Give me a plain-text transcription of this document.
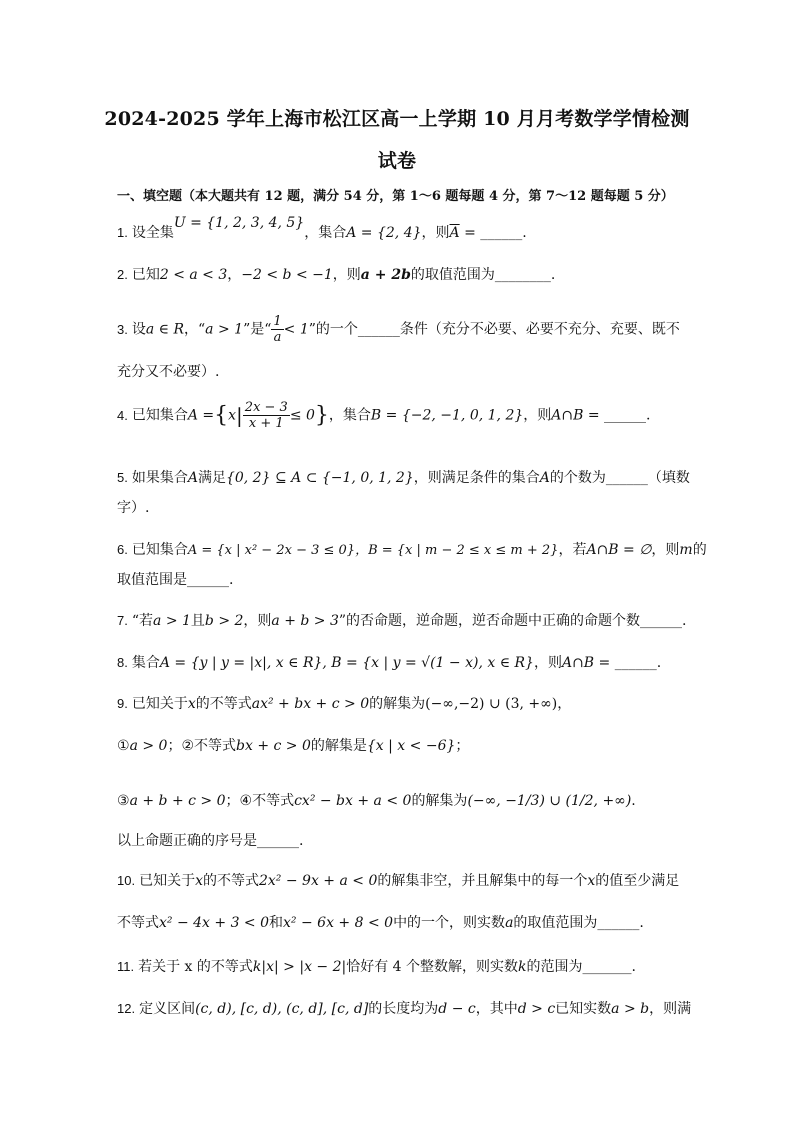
2024-2025 学年上海市松江区高一上学期 10 月月考数学学情检测
试卷
一、填空题（本大题共有 12 题，满分 54 分，第 1～6 题每题 4 分，第 7～12 题每题 5 分）
1. 设全集U = {1, 2, 3, 4, 5}，集合A = {2, 4}，则$\overline{A}$ = ______.
2. 已知2 < a < 3，−2 < b < −1，则a + 2b的取值范围为________.
3. 设a ∈ R，“a > 1”是“ $\frac{1}{a} < 1$”的一个______条件（充分不必要、必要不充分、充要、既不
充分又不必要）.
4. 已知集合$A =\{x| \frac{2x - 3}{x + 1} \le 0\}$，集合B = {−2, −1, 0, 1, 2}，则A∩B = ______.
5. 如果集合A满足{0, 2} ⊆ A ⊂ {−1, 0, 1, 2}，则满足条件的集合A的个数为______（填数
字）.
6. 已知集合A = {x | x² − 2x − 3 ≤ 0}，B = {x | m − 2 ≤ x ≤ m + 2}，若A∩B = ∅，则m的
取值范围是______.
7. “若a > 1且b > 2，则a + b > 3”的否命题，逆命题，逆否命题中正确的命题个数______.
8. 集合A = {y | y = |x|, x ∈ R}, B = {x | y = √(1 − x), x ∈ R}，则A∩B = ______.
9. 已知关于x的不等式ax² + bx + c > 0的解集为(−∞,−2) ∪ (3, +∞)，
①a > 0；②不等式bx + c > 0的解集是{x | x < −6}；
③a + b + c > 0；④不等式cx² − bx + a < 0的解集为(−∞, −1/3) ∪ (1/2, +∞).
以上命题正确的序号是______.
10. 已知关于x的不等式2x² − 9x + a < 0的解集非空，并且解集中的每一个x的值至少满足
不等式x² − 4x + 3 < 0和x² − 6x + 8 < 0中的一个，则实数a的取值范围为______.
11. 若关于 x 的不等式k|x| > |x − 2|恰好有 4 个整数解，则实数k的范围为_______.
12. 定义区间(c, d), [c, d), (c, d], [c, d]的长度均为d − c，其中d > c已知实数a > b，则满
